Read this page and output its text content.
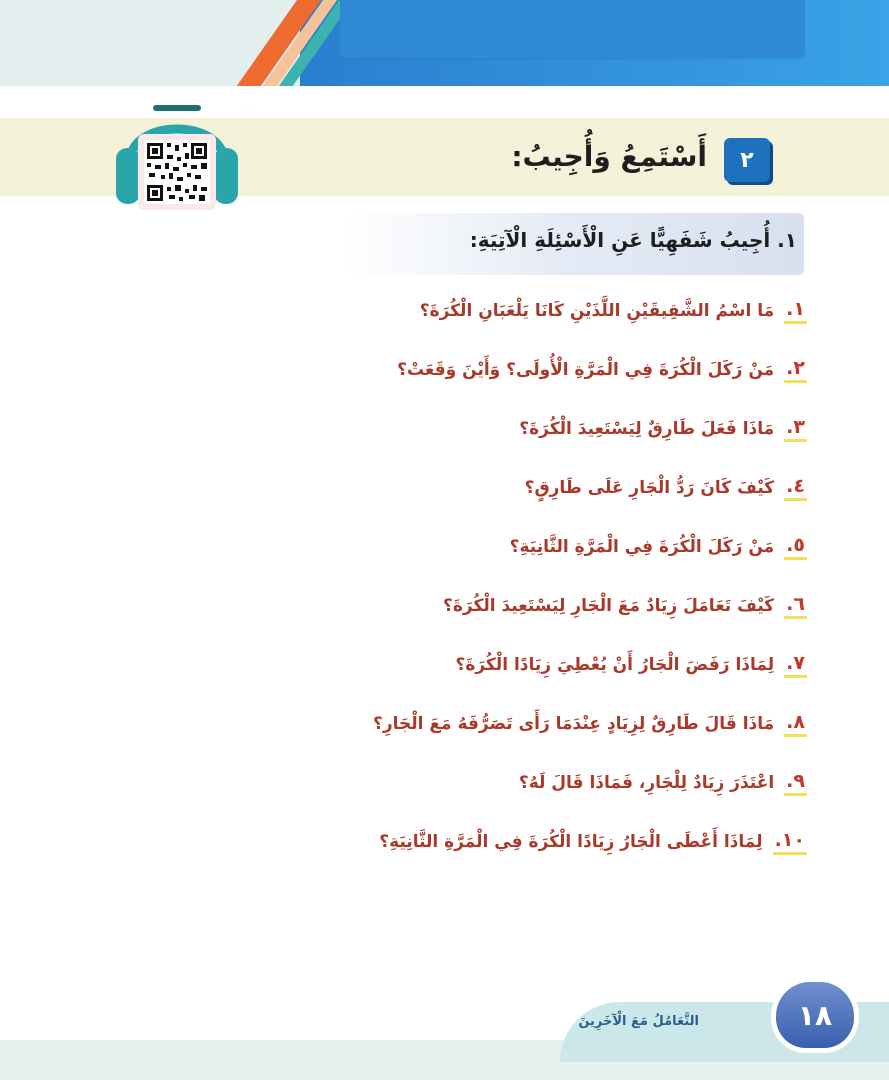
٢
أَسْتَمِعُ وَأُجِيبُ:
١. أُجِيبُ شَفَهِيًّا عَنِ الْأَسْئِلَةِ الْآتِيَةِ:
١.
مَا اسْمُ الشَّقِيقَيْنِ اللَّذَيْنِ كَانَا يَلْعَبَانِ الْكُرَةَ؟
٢.
مَنْ رَكَلَ الْكُرَةَ فِي الْمَرَّةِ الْأُولَى؟ وَأَيْنَ وَقَعَتْ؟
٣.
مَاذَا فَعَلَ طَارِقٌ لِيَسْتَعِيدَ الْكُرَةَ؟
٤.
كَيْفَ كَانَ رَدُّ الْجَارِ عَلَى طَارِقٍ؟
٥.
مَنْ رَكَلَ الْكُرَةَ فِي الْمَرَّةِ الثَّانِيَةِ؟
٦.
كَيْفَ تَعَامَلَ زِيَادٌ مَعَ الْجَارِ لِيَسْتَعِيدَ الْكُرَةَ؟
٧.
لِمَاذَا رَفَضَ الْجَارُ أَنْ يُعْطِيَ زِيَادًا الْكُرَةَ؟
٨.
مَاذَا قَالَ طَارِقٌ لِزِيَادٍ عِنْدَمَا رَأَى تَصَرُّفَهُ مَعَ الْجَارِ؟
٩.
اعْتَذَرَ زِيَادٌ لِلْجَارِ، فَمَاذَا قَالَ لَهُ؟
١٠.
لِمَاذَا أَعْطَى الْجَارُ زِيَادًا الْكُرَةَ فِي الْمَرَّةِ الثَّانِيَةِ؟
التَّعَامُلُ مَعَ الْآخَرِينَ	١٨
